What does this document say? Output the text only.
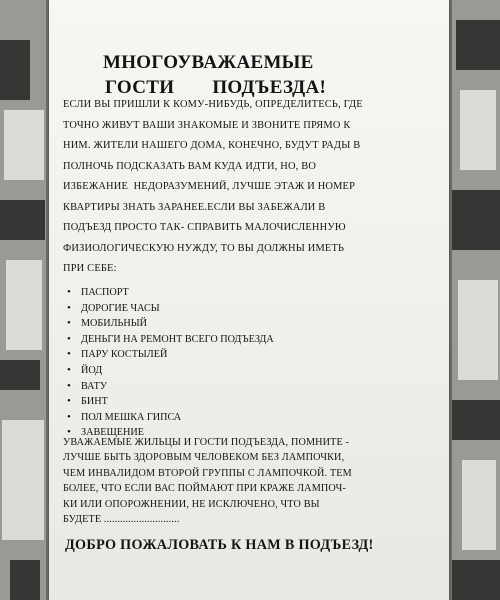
МНОГОУВАЖАЕМЫЕ
ГОСТИ ПОДЪЕЗДА!
ЕСЛИ ВЫ ПРИШЛИ К КОМУ-НИБУДЬ, ОПРЕДЕЛИТЕСЬ, ГДЕ
ТОЧНО ЖИВУТ ВАШИ ЗНАКОМЫЕ И ЗВОНИТЕ ПРЯМО К
НИМ. ЖИТЕЛИ НАШЕГО ДОМА, КОНЕЧНО, БУДУТ РАДЫ В
ПОЛНОЧЬ ПОДСКАЗАТЬ ВАМ КУДА ИДТИ, НО, ВО
ИЗБЕЖАНИЕ  НЕДОРАЗУМЕНИЙ, ЛУЧШЕ ЭТАЖ И НОМЕР
КВАРТИРЫ ЗНАТЬ ЗАРАНЕЕ.ЕСЛИ ВЫ ЗАБЕЖАЛИ В
ПОДЪЕЗД ПРОСТО ТАК- СПРАВИТЬ МАЛОЧИСЛЕННУЮ
ФИЗИОЛОГИЧЕСКУЮ НУЖДУ, ТО ВЫ ДОЛЖНЫ ИМЕТЬ
ПРИ СЕБЕ:
• ПАСПОРТ
• ДОРОГИЕ ЧАСЫ
• МОБИЛЬНЫЙ
• ДЕНЬГИ НА РЕМОНТ ВСЕГО ПОДЪЕЗДА
• ПАРУ КОСТЫЛЕЙ
• ЙОД
• ВАТУ
• БИНТ
• ПОЛ МЕШКА ГИПСА
• ЗАВЕЩЕНИЕ
УВАЖАЕМЫЕ ЖИЛЬЦЫ И ГОСТИ ПОДЪЕЗДА, ПОМНИТЕ -
ЛУЧШЕ БЫТЬ ЗДОРОВЫМ ЧЕЛОВЕКОМ БЕЗ ЛАМПОЧКИ,
ЧЕМ ИНВАЛИДОМ ВТОРОЙ ГРУППЫ С ЛАМПОЧКОЙ. ТЕМ
БОЛЕЕ, ЧТО ЕСЛИ ВАС ПОЙМАЮТ ПРИ КРАЖЕ ЛАМПОЧ-
КИ ИЛИ ОПОРОЖНЕНИИ, НЕ ИСКЛЮЧЕНО, ЧТО ВЫ
БУДЕТЕ ............................
ДОБРО ПОЖАЛОВАТЬ К НАМ В ПОДЪЕЗД!
